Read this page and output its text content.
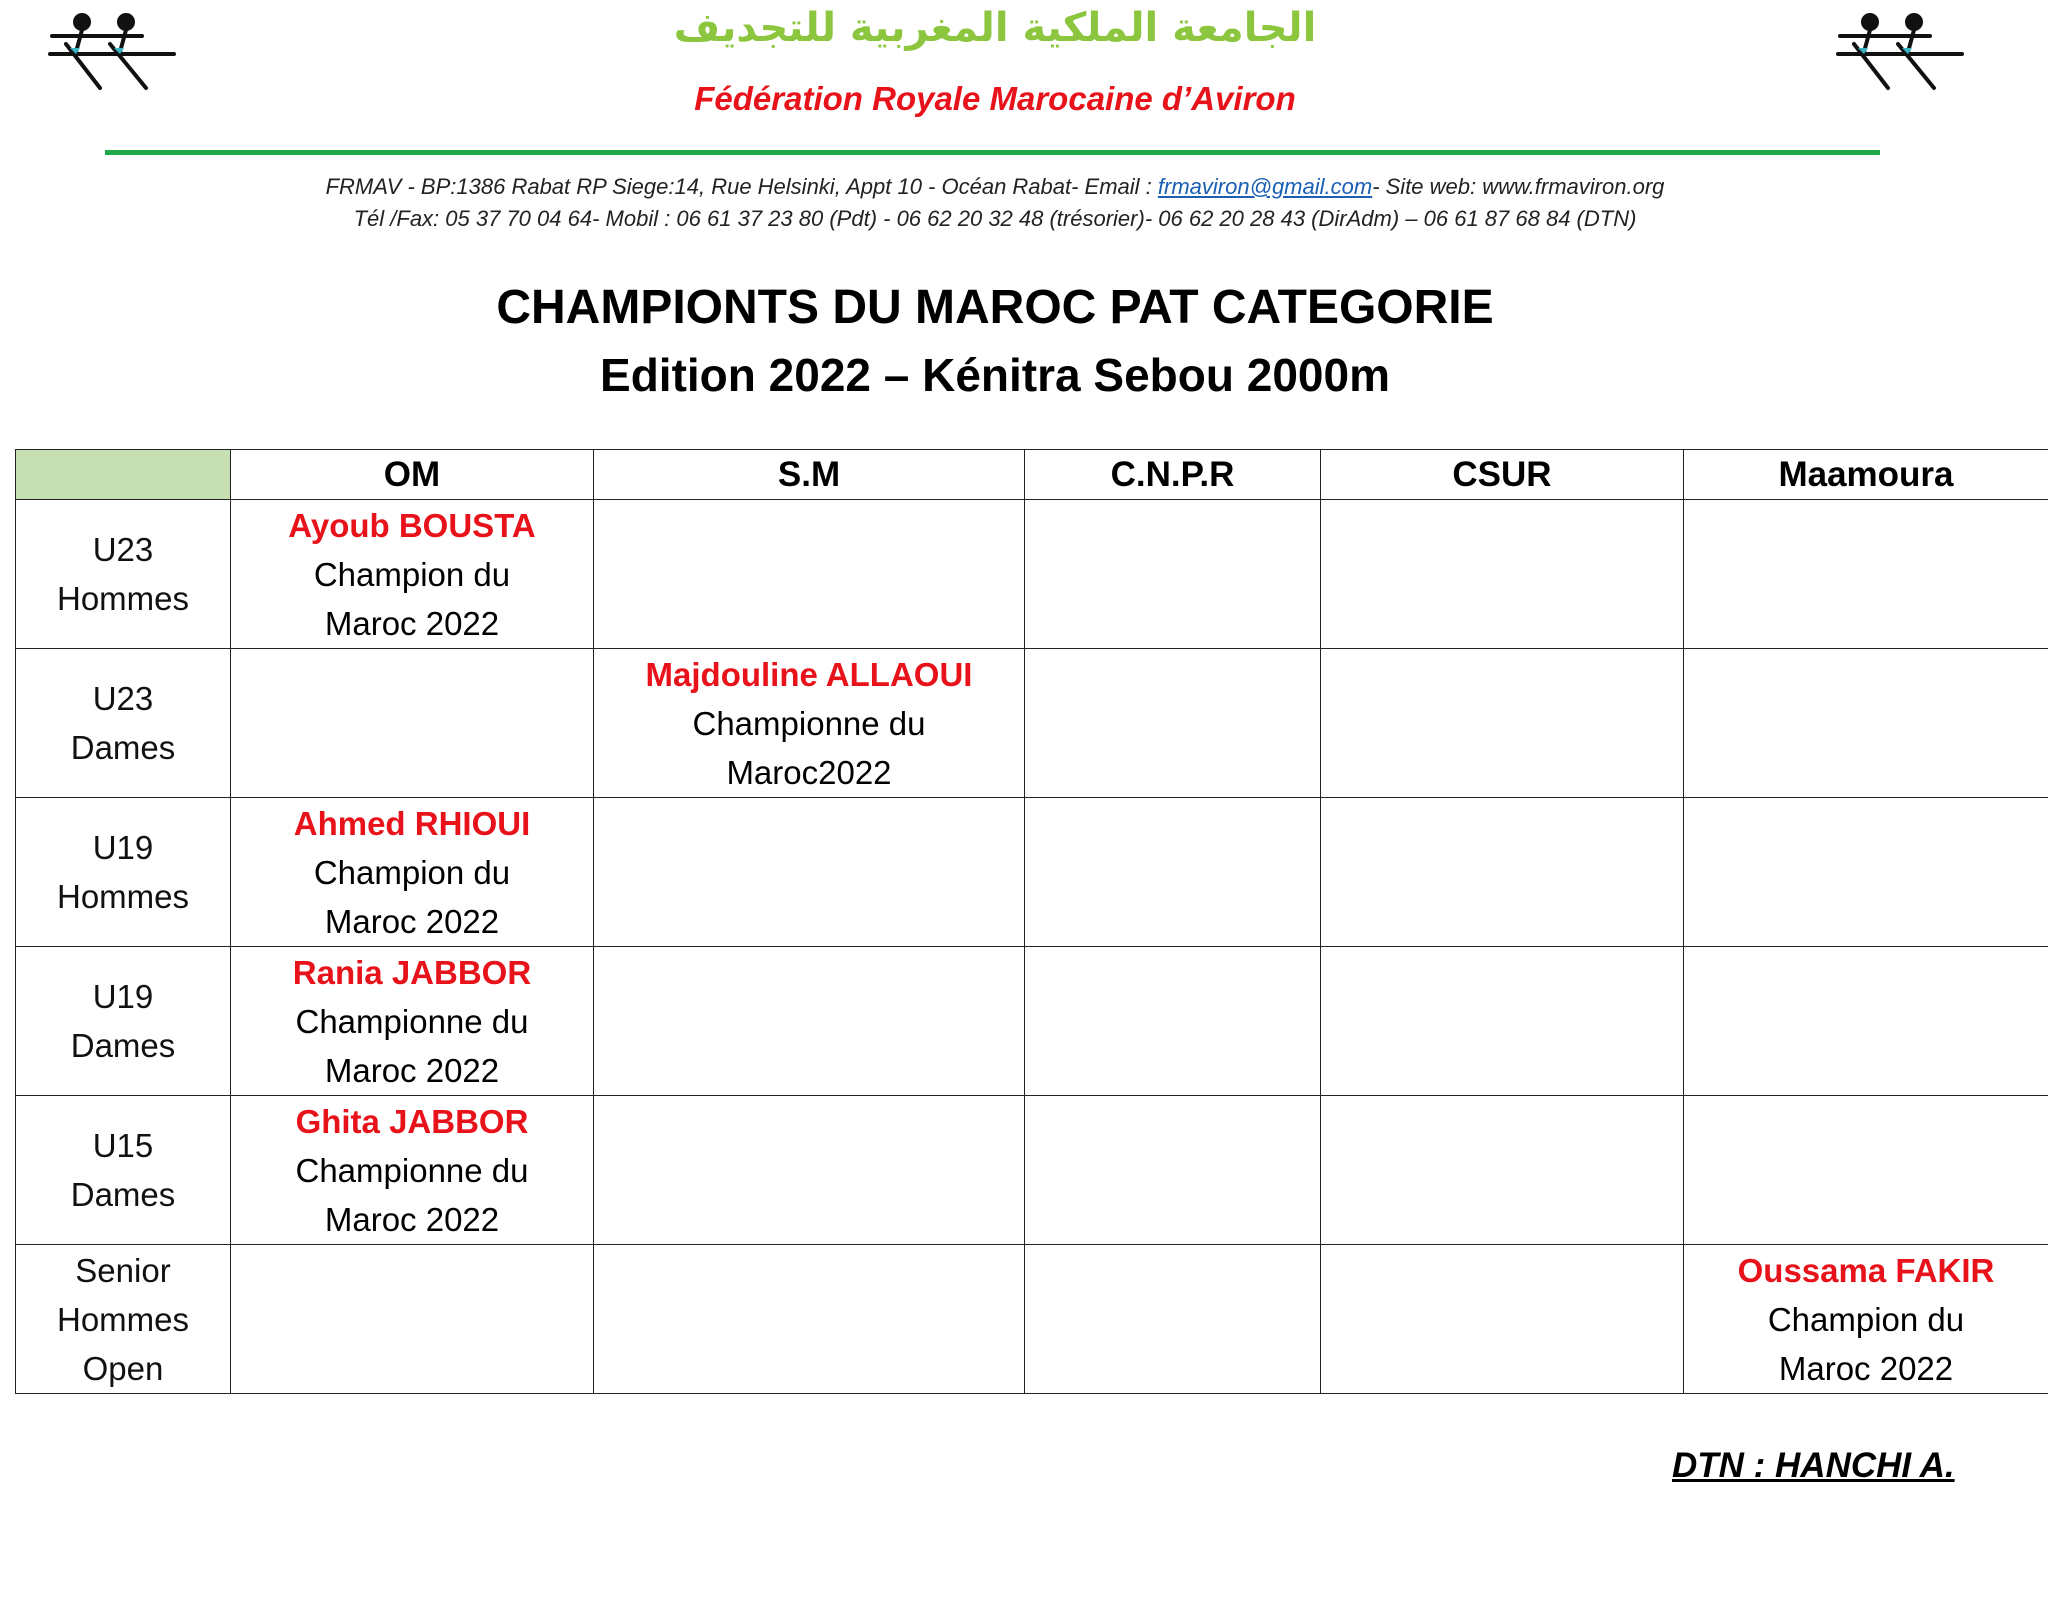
الجامعة الملكية المغربية للتجديف
Fédération Royale Marocaine d’Aviron
FRMAV - BP:1386 Rabat RP Siege:14, Rue Helsinki, Appt 10 - Océan Rabat- Email : frmaviron@gmail.com- Site web: www.frmaviron.org
Tél /Fax: 05 37 70 04 64- Mobil : 06 61 37 23 80 (Pdt) - 06 62 20 32 48 (trésorier)- 06 62 20 28 43 (DirAdm) – 06 61 87 68 84 (DTN)
CHAMPIONTS DU MAROC PAT CATEGORIE
Edition 2022 – Kénitra Sebou 2000m
	OM	S.M	C.N.P.R	CSUR	Maamoura

U23
Hommes	Ayoub BOUSTA
Champion du
Maroc 2022				

U23
Dames		Majdouline ALLAOUI
Championne du
Maroc2022			

U19
Hommes	Ahmed RHIOUI
Champion du
Maroc 2022				

U19
Dames	Rania JABBOR
Championne du
Maroc 2022				

U15
Dames	Ghita JABBOR
Championne du
Maroc 2022				

Senior
Hommes
Open					Oussama FAKIR
Champion du
Maroc 2022
DTN : HANCHI A.
